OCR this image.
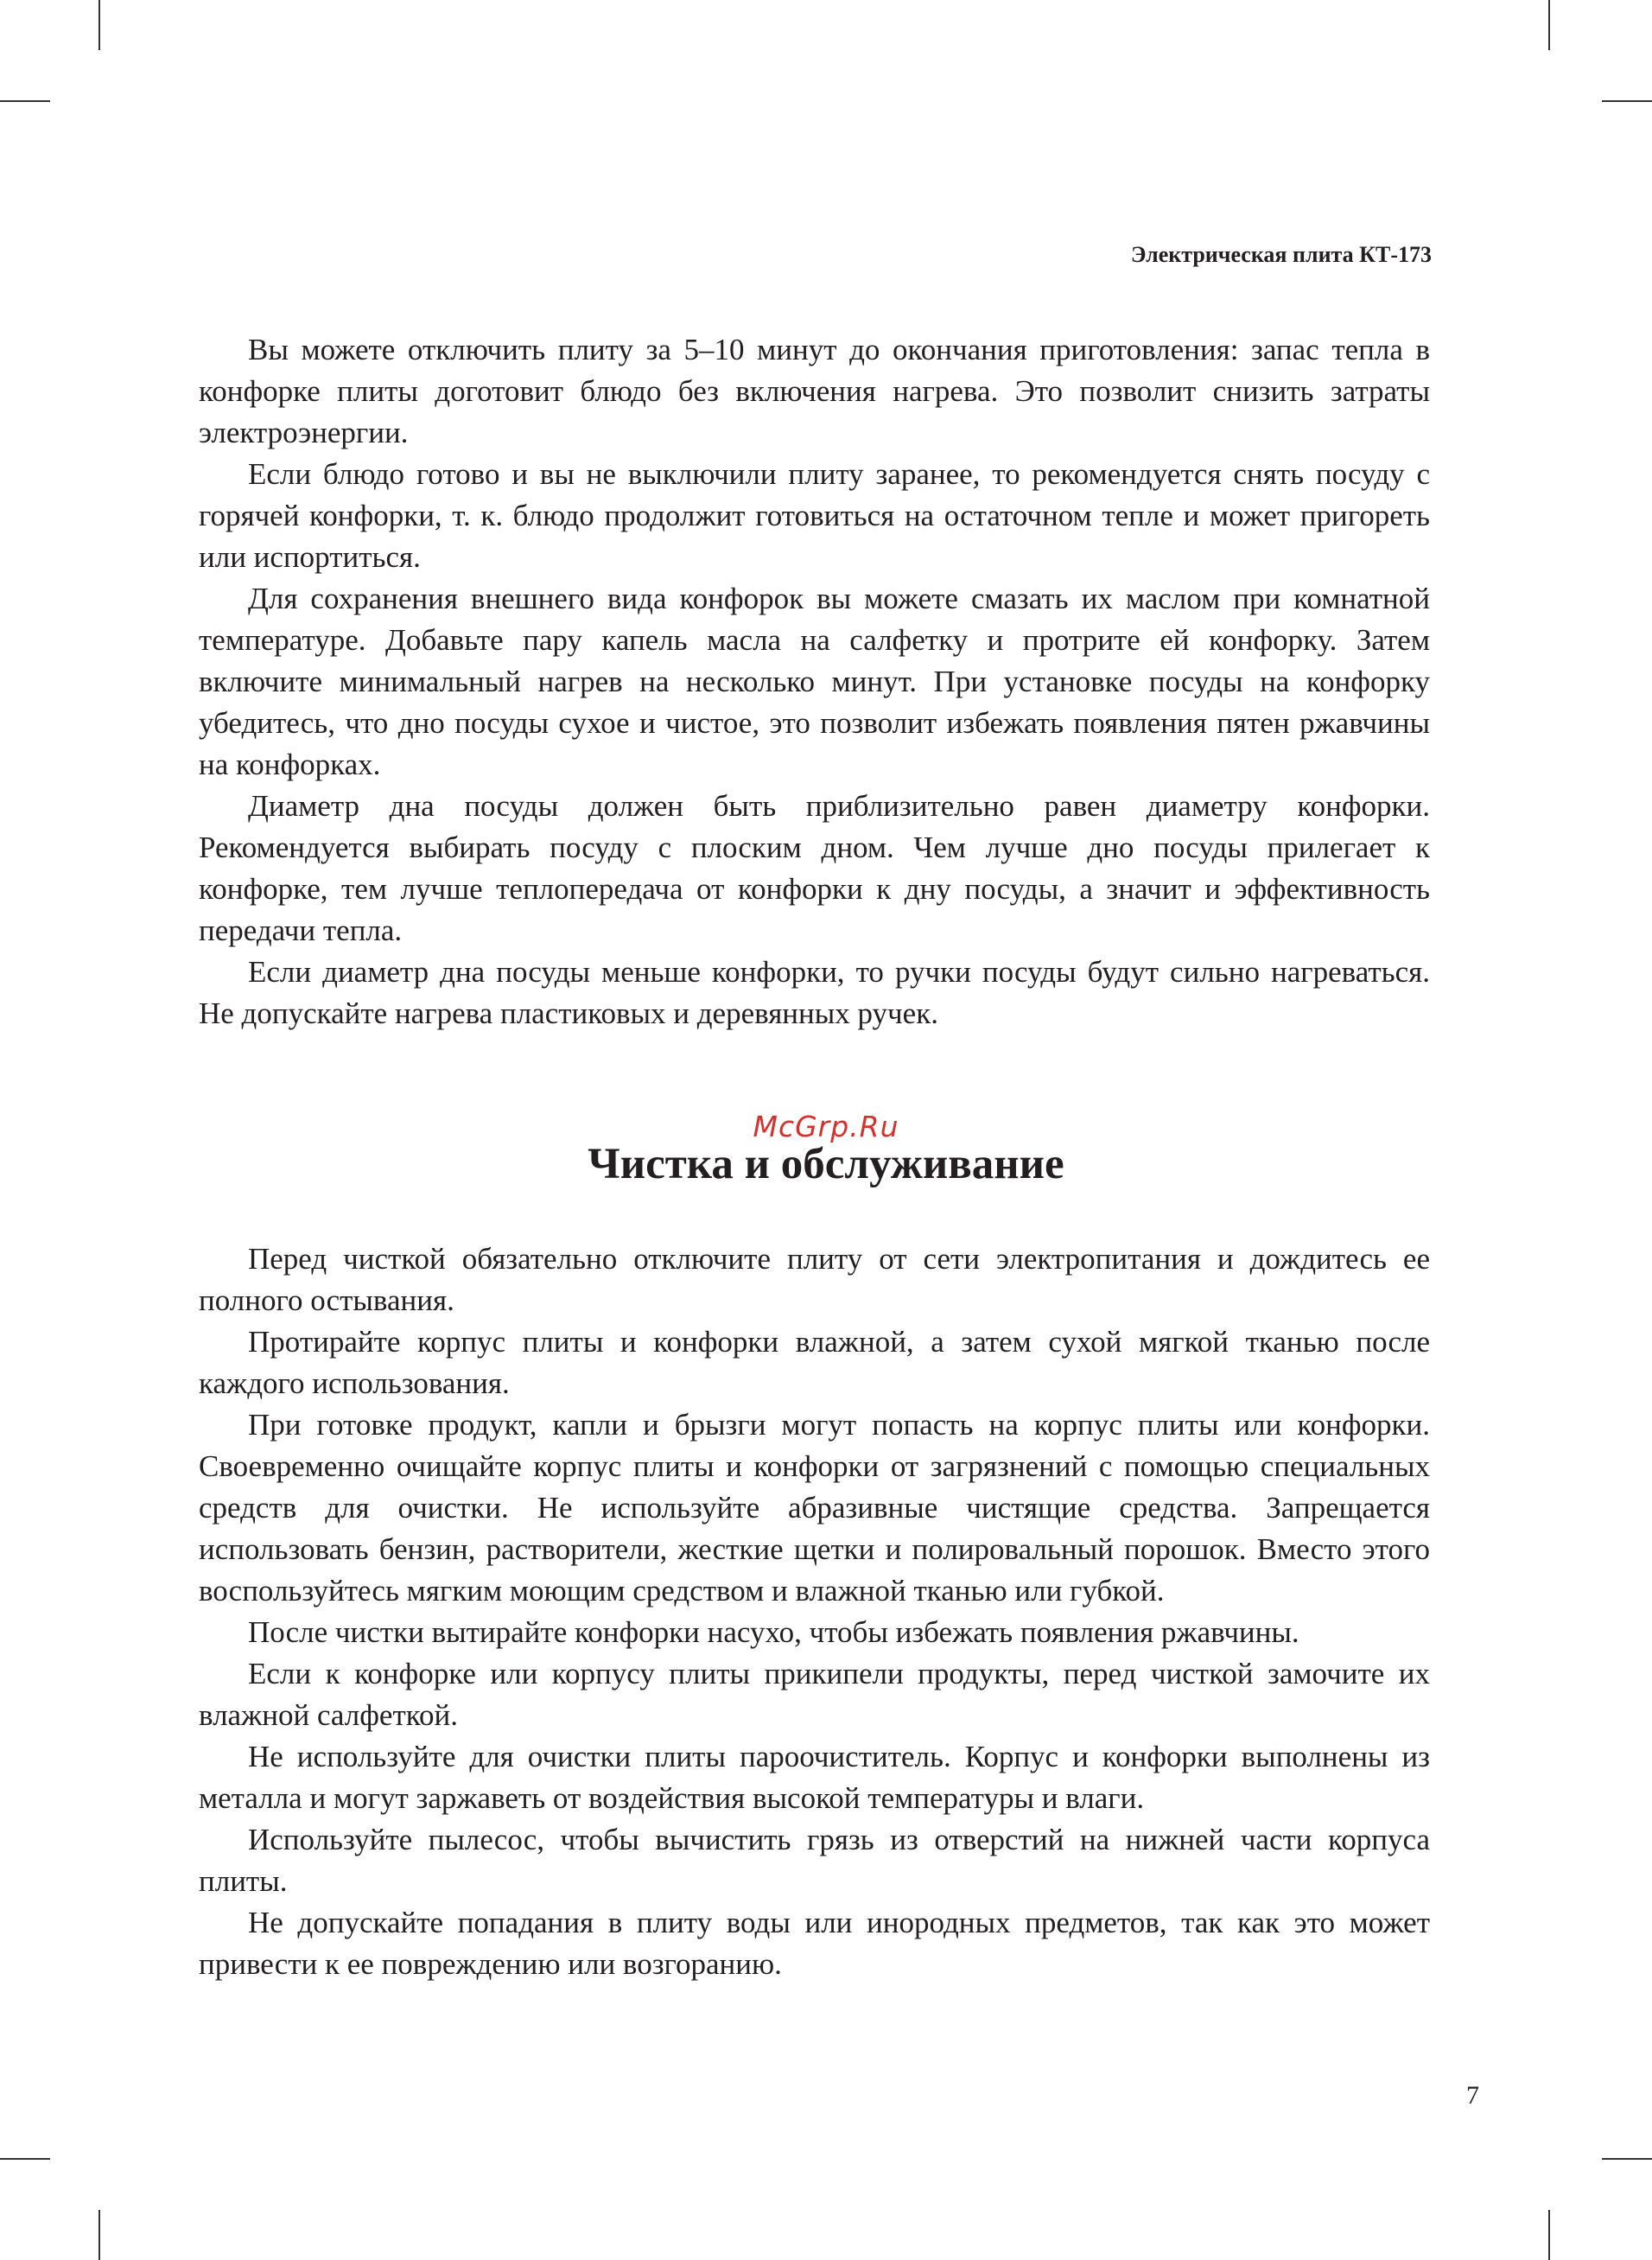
Электрическая плита КТ-173

Вы можете отключить плиту за 5–10 минут до окончания приготовления: запас тепла в конфорке плиты доготовит блюдо без включения нагрева. Это позволит снизить затраты электроэнергии.

Если блюдо готово и вы не выключили плиту заранее, то рекомендуется снять посуду с горячей конфорки, т. к. блюдо продолжит готовиться на остаточном тепле и может пригореть или испортиться.

Для сохранения внешнего вида конфорок вы можете смазать их маслом при комнатной температуре. Добавьте пару капель масла на салфетку и протрите ей конфорку. Затем включите минимальный нагрев на несколько минут. При установке посуды на конфорку убедитесь, что дно посуды сухое и чистое, это позволит избежать появления пятен ржавчины на конфорках.

Диаметр дна посуды должен быть приблизительно равен диаметру конфорки. Рекомендуется выбирать посуду с плоским дном. Чем лучше дно посуды прилегает к конфорке, тем лучше теплопередача от конфорки к дну посуды, а значит и эффективность передачи тепла.

Если диаметр дна посуды меньше конфорки, то ручки посуды будут сильно нагреваться. Не допускайте нагрева пластиковых и деревянных ручек.

McGrp.Ru
Чистка и обслуживание

Перед чисткой обязательно отключите плиту от сети электропитания и дождитесь ее полного остывания.

Протирайте корпус плиты и конфорки влажной, а затем сухой мягкой тканью после каждого использования.

При готовке продукт, капли и брызги могут попасть на корпус плиты или конфорки. Своевременно очищайте корпус плиты и конфорки от загрязнений с помощью специальных средств для очистки. Не используйте абразивные чистящие средства. Запрещается использовать бензин, растворители, жесткие щетки и полировальный порошок. Вместо этого воспользуйтесь мягким моющим средством и влажной тканью или губкой.

После чистки вытирайте конфорки насухо, чтобы избежать появления ржавчины.

Если к конфорке или корпусу плиты прикипели продукты, перед чисткой замочите их влажной салфеткой.

Не используйте для очистки плиты пароочиститель. Корпус и конфорки выполнены из металла и могут заржаветь от воздействия высокой температуры и влаги.

Используйте пылесос, чтобы вычистить грязь из отверстий на нижней части корпуса плиты.

Не допускайте попадания в плиту воды или инородных предметов, так как это может привести к ее повреждению или возгоранию.

7
